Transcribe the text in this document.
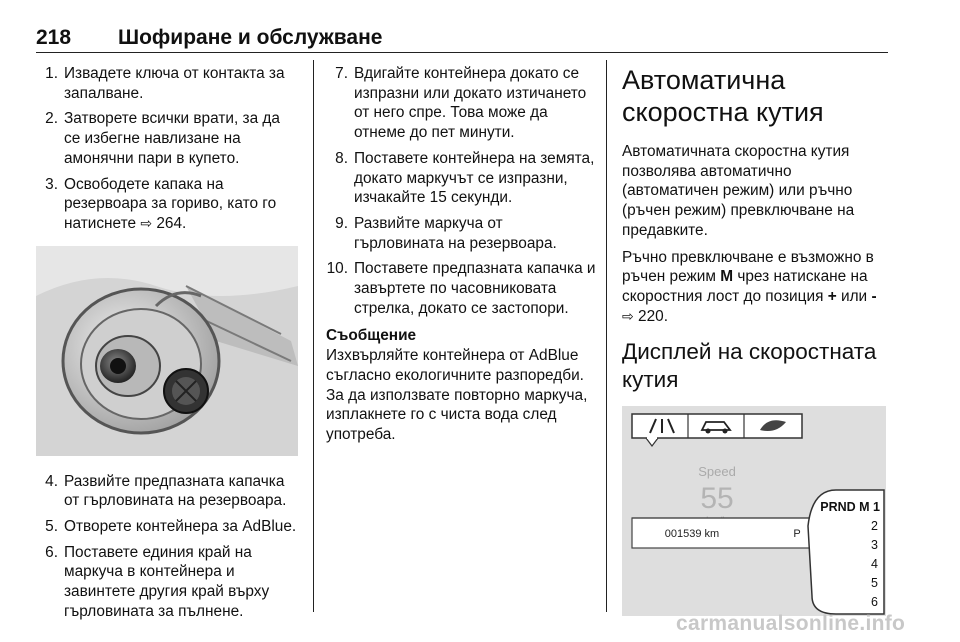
218 Шофиране и обслужване
1. Извадете ключа от контакта за запалване.
2. Затворете всички врати, за да се избегне навлизане на амонячни пари в купето.
3. Освободете капака на резервоара за гориво, като го натиснете ⇨ 264.
4. Развийте предпазната капачка от гърловината на резервоара.
5. Отворете контейнера за AdBlue.
6. Поставете единия край на маркуча в контейнера и завинтете другия край върху гърловината за пълнене.
7. Вдигайте контейнера докато се изпразни или докато изтичането от него спре. Това може да отнеме до пет минути.
8. Поставете контейнера на земята, докато маркучът се изпразни, изчакайте 15 секунди.
9. Развийте маркуча от гърловината на резервоара.
10. Поставете предпазната капачка и завъртете по часовниковата стрелка, докато се застопори.
Съобщение
Изхвърляйте контейнера от AdBlue съгласно екологичните разпоредби. За да използвате повторно маркуча, изплакнете го с чиста вода след употреба.
Автоматична скоростна кутия

Автоматичната скоростна кутия позволява автоматично (автоматичен режим) или ръчно (ръчен режим) превключване на предавките.

Ръчно превключване е възможно в ръчен режим M чрез натискане на скоростния лост до позиция + или - ⇨ 220.

Дисплей на скоростната кутия
Speed
55
001539 km	P
PRND M 1
2
3
4
5
6
carmanualsonline.info
